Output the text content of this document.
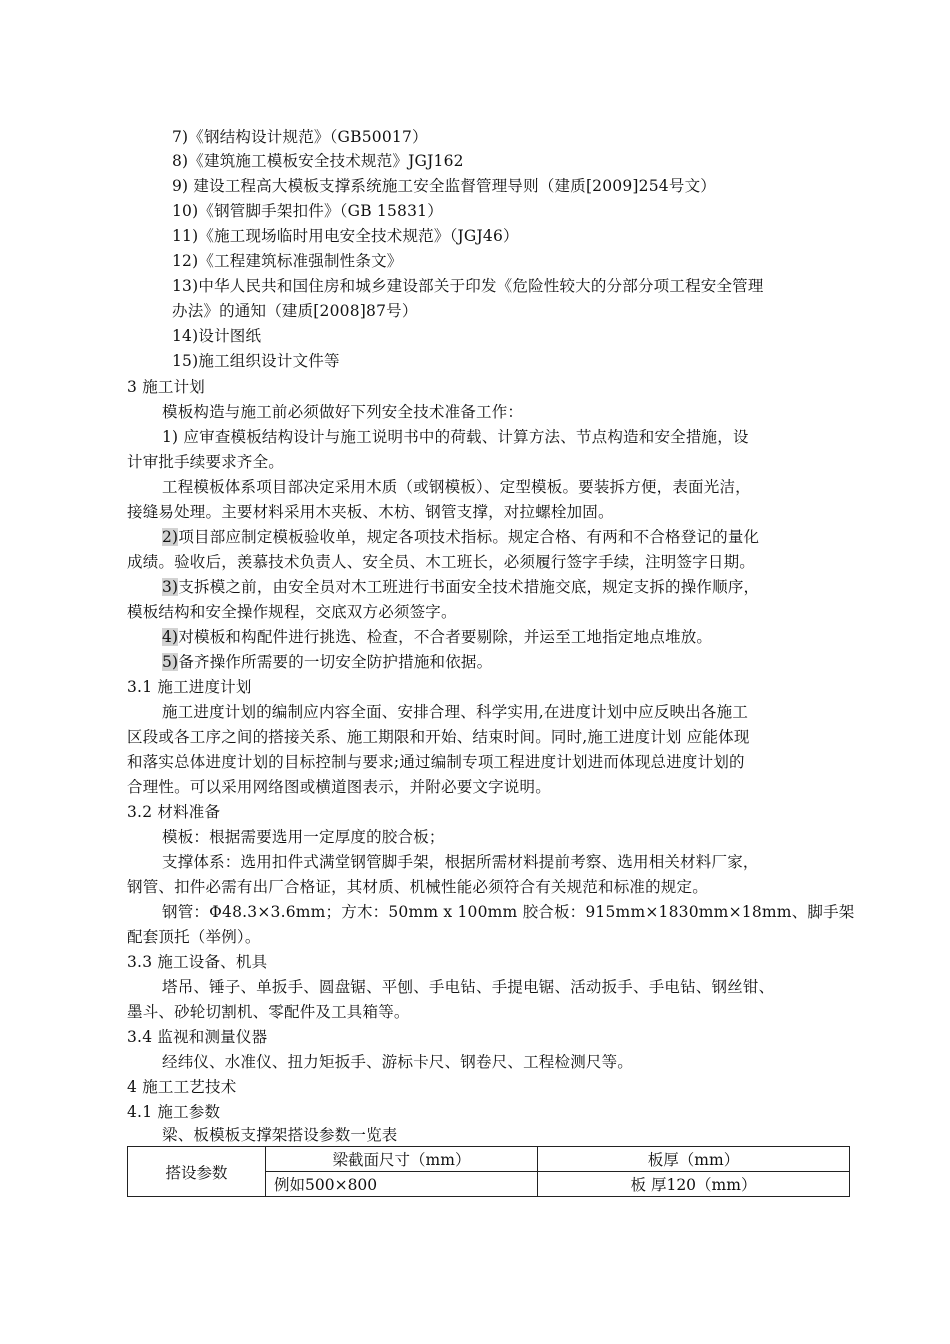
7)《钢结构设计规范》（GB50017）
8)《建筑施工模板安全技术规范》JGJ162
9) 建设工程高大模板支撑系统施工安全监督管理导则（建质[2009]254号文）
10)《钢管脚手架扣件》（GB 15831）
11)《施工现场临时用电安全技术规范》（JGJ46）
12)《工程建筑标准强制性条文》
13)中华人民共和国住房和城乡建设部关于印发《危险性较大的分部分项工程安全管理
办法》的通知（建质[2008]87号）
14)设计图纸
15)施工组织设计文件等
3 施工计划
模板构造与施工前必须做好下列安全技术准备工作：
1) 应审查模板结构设计与施工说明书中的荷载、计算方法、节点构造和安全措施，设
计审批手续要求齐全。
工程模板体系项目部决定采用木质（或钢模板）、定型模板。要装拆方便，表面光洁，
接缝易处理。主要材料采用木夹板、木枋、钢管支撑，对拉螺栓加固。
2)项目部应制定模板验收单，规定各项技术指标。规定合格、有两和不合格登记的量化
成绩。验收后，羡慕技术负责人、安全员、木工班长，必须履行签字手续，注明签字日期。
3)支拆模之前，由安全员对木工班进行书面安全技术措施交底，规定支拆的操作顺序，
模板结构和安全操作规程，交底双方必须签字。
4)对模板和构配件进行挑选、检查，不合者要剔除，并运至工地指定地点堆放。
5)备齐操作所需要的一切安全防护措施和依据。
3.1 施工进度计划
施工进度计划的编制应内容全面、安排合理、科学实用,在进度计划中应反映出各施工
区段或各工序之间的搭接关系、施工期限和开始、结束时间。同时,施工进度计划 应能体现
和落实总体进度计划的目标控制与要求;通过编制专项工程进度计划进而体现总进度计划的
合理性。可以采用网络图或横道图表示，并附必要文字说明。
3.2 材料准备
模板：根据需要选用一定厚度的胶合板；
支撑体系：选用扣件式满堂钢管脚手架，根据所需材料提前考察、选用相关材料厂家，
钢管、扣件必需有出厂合格证，其材质、机械性能必须符合有关规范和标准的规定。
钢管：Φ48.3×3.6mm；方木：50mm x 100mm 胶合板：915mm×1830mm×18mm、脚手架
配套顶托（举例）。
3.3 施工设备、机具
塔吊、锤子、单扳手、圆盘锯、平刨、手电钻、手提电锯、活动扳手、手电钻、钢丝钳、
墨斗、砂轮切割机、零配件及工具箱等。
3.4 监视和测量仪器
经纬仪、水准仪、扭力矩扳手、游标卡尺、钢卷尺、工程检测尺等。
4 施工工艺技术
4.1 施工参数
梁、板模板支撑架搭设参数一览表
搭设参数	梁截面尺寸（mm）	板厚（mm）
	例如500×800	板 厚120（mm）
